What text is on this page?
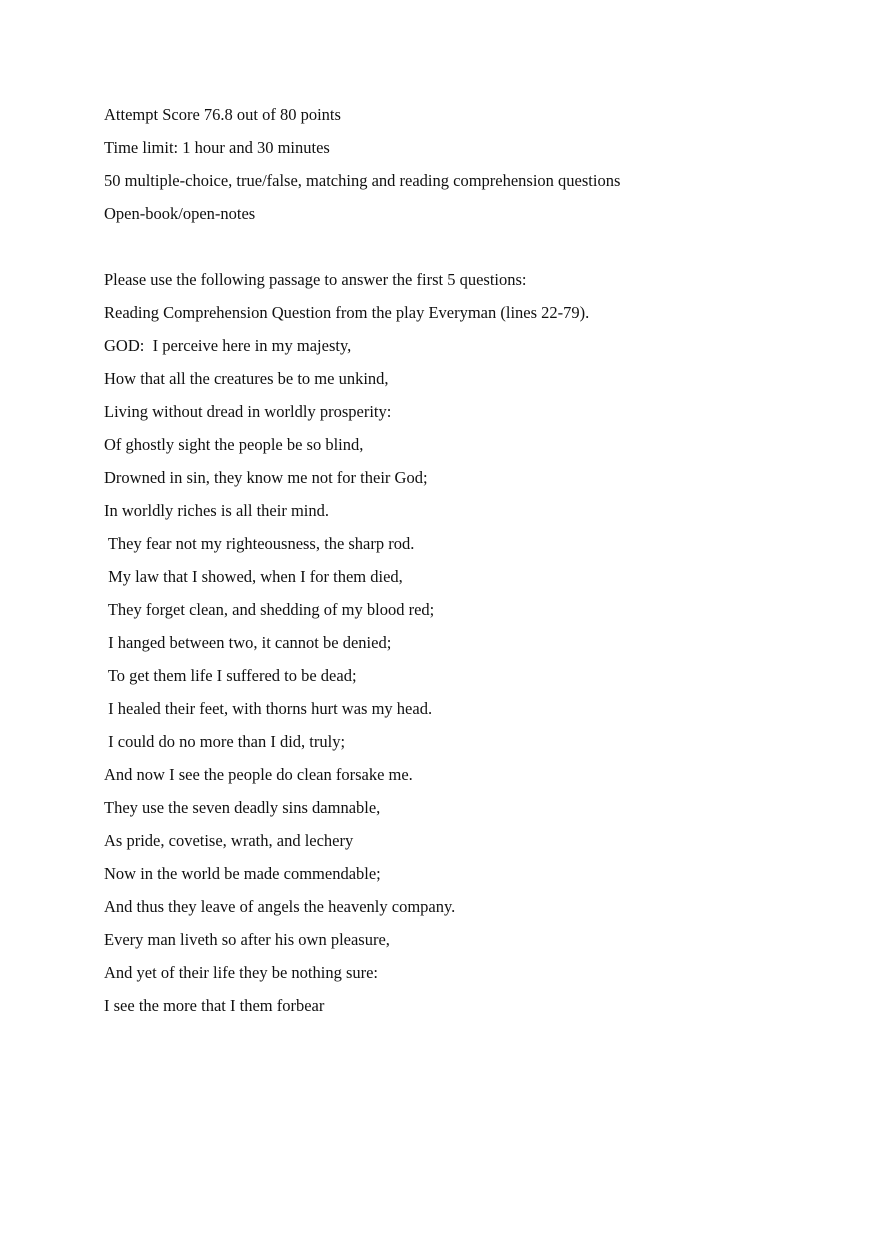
Attempt Score 76.8 out of 80 points
Time limit: 1 hour and 30 minutes
50 multiple-choice, true/false, matching and reading comprehension questions
Open-book/open-notes
Please use the following passage to answer the first 5 questions:
Reading Comprehension Question from the play Everyman (lines 22-79).
GOD:  I perceive here in my majesty,
How that all the creatures be to me unkind,
Living without dread in worldly prosperity:
Of ghostly sight the people be so blind,
Drowned in sin, they know me not for their God;
In worldly riches is all their mind.
They fear not my righteousness, the sharp rod.
My law that I showed, when I for them died,
They forget clean, and shedding of my blood red;
I hanged between two, it cannot be denied;
To get them life I suffered to be dead;
I healed their feet, with thorns hurt was my head.
I could do no more than I did, truly;
And now I see the people do clean forsake me.
They use the seven deadly sins damnable,
As pride, covetise, wrath, and lechery
Now in the world be made commendable;
And thus they leave of angels the heavenly company.
Every man liveth so after his own pleasure,
And yet of their life they be nothing sure:
I see the more that I them forbear
